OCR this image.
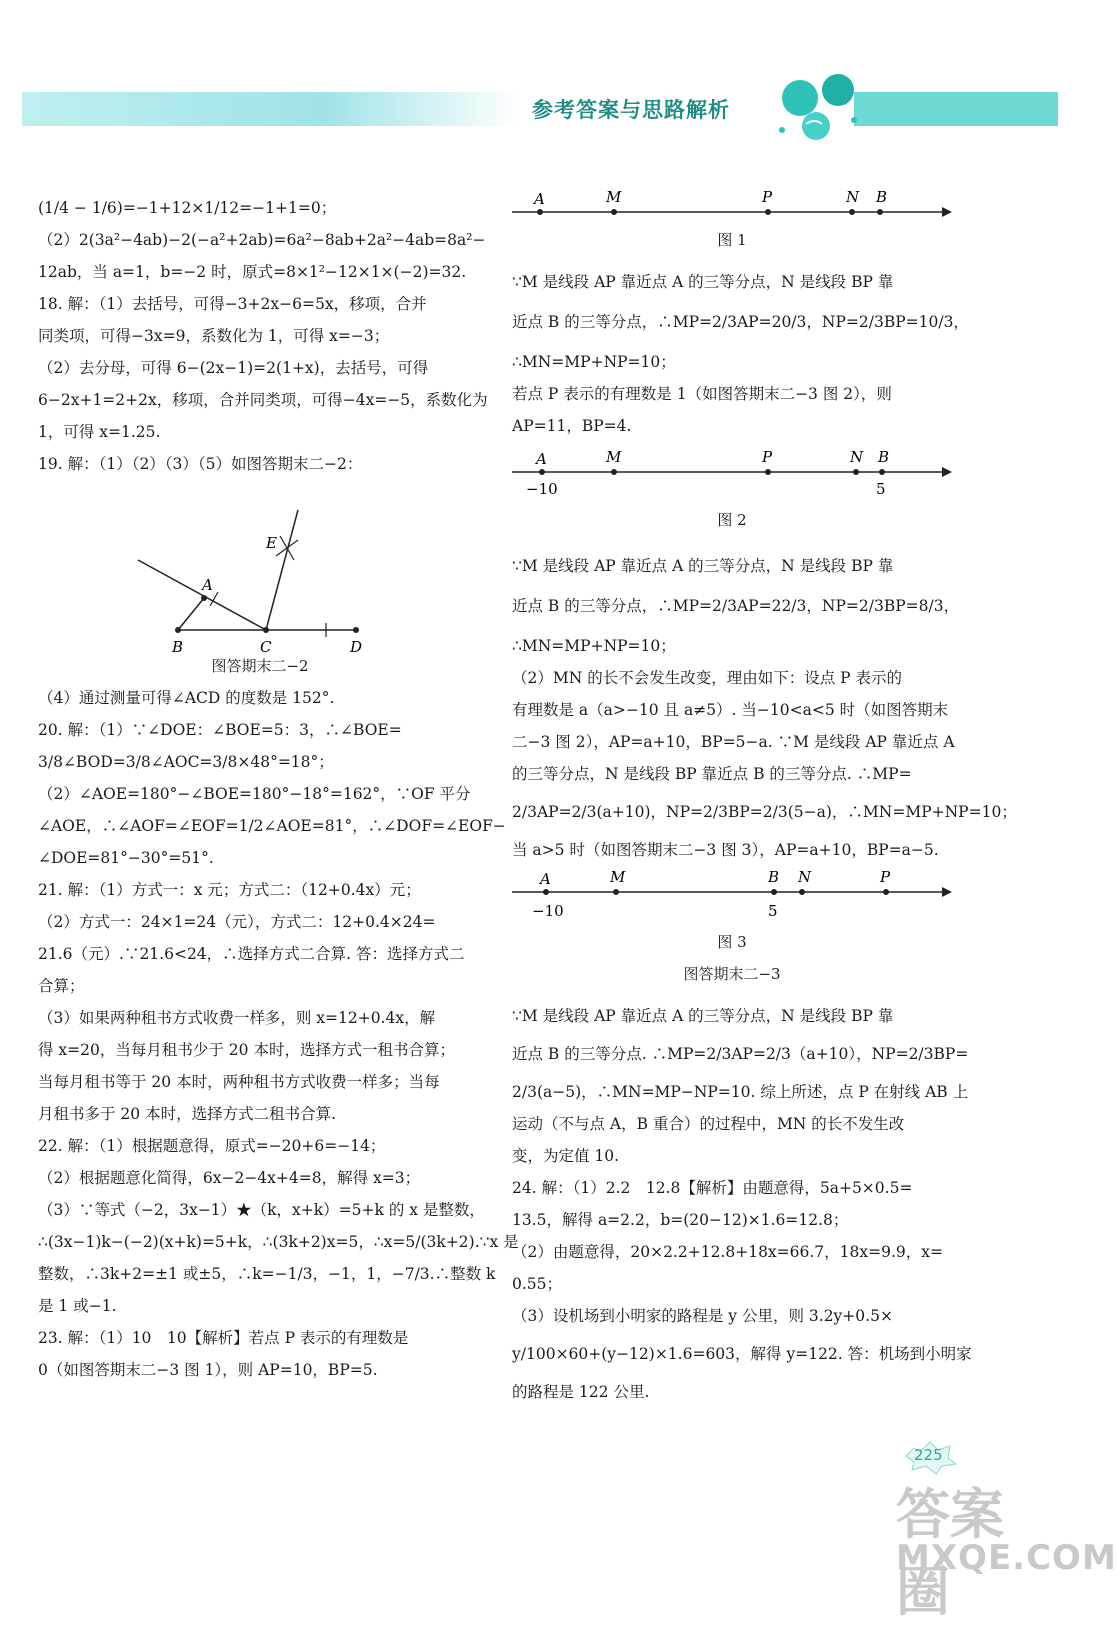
参考答案与思路解析

(1/4 − 1/6)=−1+12×1/12=−1+1=0；

（2）2(3a²−4ab)−2(−a²+2ab)=6a²−8ab+2a²−4ab=8a²−

12ab，当 a=1，b=−2 时，原式=8×1²−12×1×(−2)=32.

18. 解：（1）去括号，可得−3+2x−6=5x，移项，合并

同类项，可得−3x=9，系数化为 1，可得 x=−3；

（2）去分母，可得 6−(2x−1)=2(1+x)，去括号，可得

6−2x+1=2+2x，移项，合并同类项，可得−4x=−5，系数化为

1，可得 x=1.25.

19. 解：（1）（2）（3）（5）如图答期末二−2：

E
A
B	C	D

图答期末二−2

（4）通过测量可得∠ACD 的度数是 152°.

20. 解：（1）∵∠DOE：∠BOE=5：3，∴∠BOE=

3/8∠BOD=3/8∠AOC=3/8×48°=18°；

（2）∠AOE=180°−∠BOE=180°−18°=162°，∵OF 平分

∠AOE，∴∠AOF=∠EOF=1/2∠AOE=81°，∴∠DOF=∠EOF−

∠DOE=81°−30°=51°.

21. 解：（1）方式一：x 元；方式二：（12+0.4x）元；

（2）方式一：24×1=24（元），方式二：12+0.4×24=

21.6（元）.∵21.6<24，∴选择方式二合算. 答：选择方式二

合算；

（3）如果两种租书方式收费一样多，则 x=12+0.4x，解

得 x=20，当每月租书少于 20 本时，选择方式一租书合算；

当每月租书等于 20 本时，两种租书方式收费一样多；当每

月租书多于 20 本时，选择方式二租书合算.

22. 解：（1）根据题意得，原式=−20+6=−14；

（2）根据题意化简得，6x−2−4x+4=8，解得 x=3；

（3）∵等式（−2，3x−1）★（k，x+k）=5+k 的 x 是整数，

∴(3x−1)k−(−2)(x+k)=5+k，∴(3k+2)x=5，∴x=5/(3k+2).∵x 是

整数，∴3k+2=±1 或±5，∴k=−1/3，−1，1，−7/3.∴整数 k

是 1 或−1.

23. 解：（1）10　10【解析】若点 P 表示的有理数是

0（如图答期末二−3 图 1），则 AP=10，BP=5.

A	M	P	N B

图 1

∵M 是线段 AP 靠近点 A 的三等分点，N 是线段 BP 靠

近点 B 的三等分点，∴MP=2/3AP=20/3，NP=2/3BP=10/3，

∴MN=MP+NP=10；

若点 P 表示的有理数是 1（如图答期末二−3 图 2），则

AP=11，BP=4.

A	M	P	N B
−10	5

图 2

∵M 是线段 AP 靠近点 A 的三等分点，N 是线段 BP 靠

近点 B 的三等分点，∴MP=2/3AP=22/3，NP=2/3BP=8/3，

∴MN=MP+NP=10；

（2）MN 的长不会发生改变，理由如下：设点 P 表示的

有理数是 a（a>−10 且 a≠5）. 当−10<a<5 时（如图答期末

二−3 图 2），AP=a+10，BP=5−a. ∵M 是线段 AP 靠近点 A

的三等分点，N 是线段 BP 靠近点 B 的三等分点. ∴MP=

2/3AP=2/3(a+10)，NP=2/3BP=2/3(5−a)，∴MN=MP+NP=10；

当 a>5 时（如图答期末二−3 图 3），AP=a+10，BP=a−5.

A	M	B N	P
−10	5

图 3

图答期末二−3

∵M 是线段 AP 靠近点 A 的三等分点，N 是线段 BP 靠

近点 B 的三等分点. ∴MP=2/3AP=2/3（a+10），NP=2/3BP=

2/3(a−5)，∴MN=MP−NP=10. 综上所述，点 P 在射线 AB 上

运动（不与点 A，B 重合）的过程中，MN 的长不发生改

变，为定值 10.

24. 解：（1）2.2　12.8【解析】由题意得，5a+5×0.5=

13.5，解得 a=2.2，b=(20−12)×1.6=12.8；

（2）由题意得，20×2.2+12.8+18x=66.7，18x=9.9，x=

0.55；

（3）设机场到小明家的路程是 y 公里，则 3.2y+0.5×

y/100×60+(y−12)×1.6=603，解得 y=122. 答：机场到小明家

的路程是 122 公里.

225
答案圈
MXQE.COM
